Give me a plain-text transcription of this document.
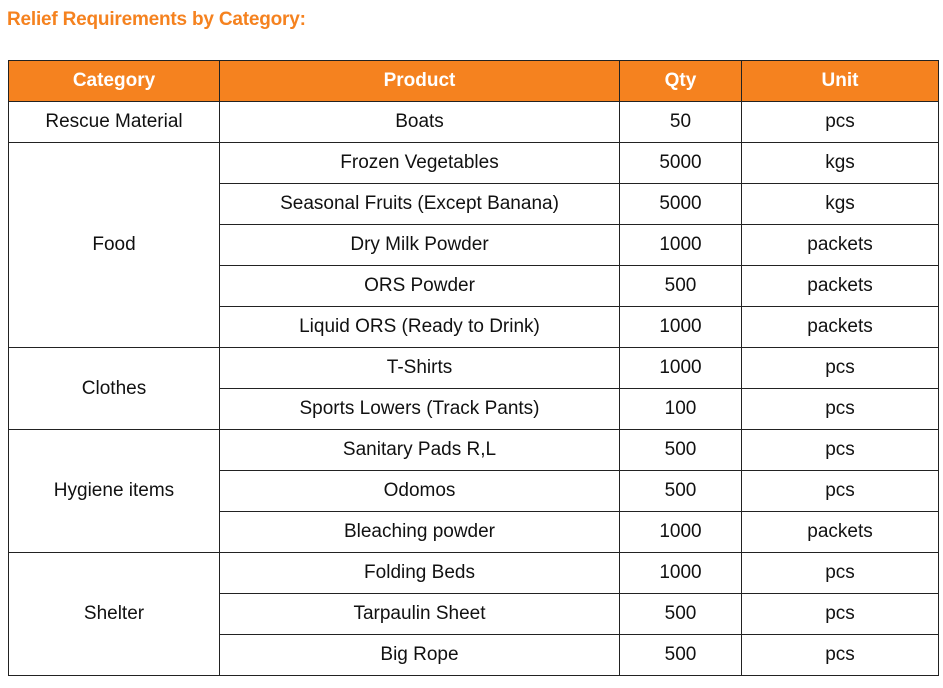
Relief Requirements by Category:
Category	Product	Qty	Unit
Rescue Material	Boats	50	pcs
Food	Frozen Vegetables	5000	kgs
	Seasonal Fruits (Except Banana)	5000	kgs
	Dry Milk Powder	1000	packets
	ORS Powder	500	packets
	Liquid ORS (Ready to Drink)	1000	packets
Clothes	T-Shirts	1000	pcs
	Sports Lowers (Track Pants)	100	pcs
Hygiene items	Sanitary Pads R,L	500	pcs
	Odomos	500	pcs
	Bleaching powder	1000	packets
Shelter	Folding Beds	1000	pcs
	Tarpaulin Sheet	500	pcs
	Big Rope	500	pcs
